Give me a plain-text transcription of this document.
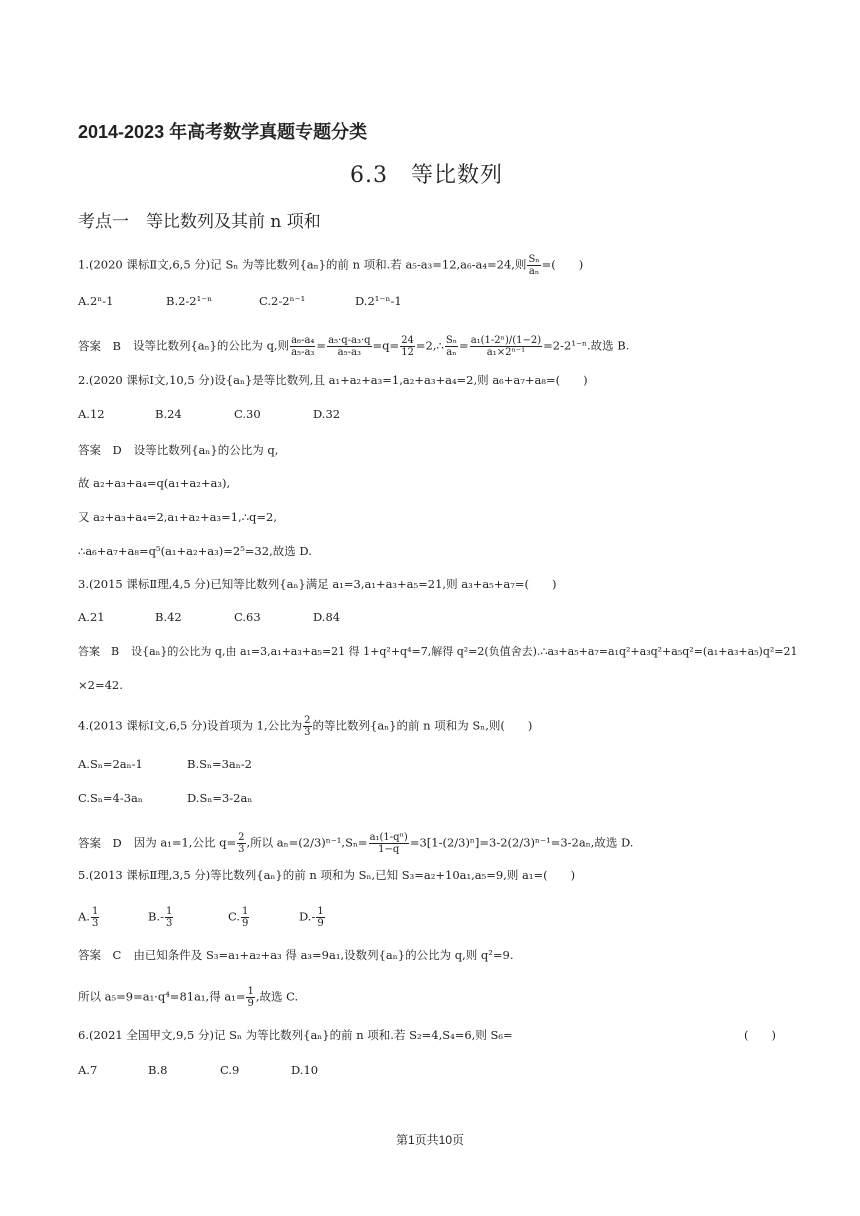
2014-2023 年高考数学真题专题分类
6.3　等比数列
考点一　等比数列及其前 n 项和
1.(2020 课标Ⅱ文,6,5 分)记 Sₙ 为等比数列{aₙ}的前 n 项和.若 a₅-a₃=12,a₆-a₄=24,则 $\frac{\text{Sₙ}}{\text{aₙ}}$ =(　　)
A.2ⁿ-1	B.2-2¹⁻ⁿ	C.2-2ⁿ⁻¹	D.2¹⁻ⁿ-1
答案　B 设等比数列{aₙ}的公比为 q,则 $\frac{\text{a₆-a₄}}{\text{a₅-a₃}} = \frac{\text{a₅·q-a₃·q}}{\text{a₅-a₃}} =q= \frac{24}{12}$ =2,∴ $\frac{\text{Sₙ}}{\text{aₙ}} = \frac{\text{a₁(1-2ⁿ)/(1−2)}}{\text{a₁×2ⁿ⁻¹}} =2-2^{1-n}$.故选 B.
2.(2020 课标Ⅰ文,10,5 分)设{aₙ}是等比数列,且 a₁+a₂+a₃=1,a₂+a₃+a₄=2,则 a₆+a₇+a₈=(　　)
A.12	B.24	C.30	D.32
答案　D 设等比数列{aₙ}的公比为 q,
故 a₂+a₃+a₄=q(a₁+a₂+a₃),
又 a₂+a₃+a₄=2,a₁+a₂+a₃=1,∴q=2,
∴a₆+a₇+a₈=q⁵(a₁+a₂+a₃)=2⁵=32,故选 D.
3.(2015 课标Ⅱ理,4,5 分)已知等比数列{aₙ}满足 a₁=3,a₁+a₃+a₅=21,则 a₃+a₅+a₇=(　　)
A.21	B.42	C.63	D.84
答案　B 设{aₙ}的公比为 q,由 a₁=3,a₁+a₃+a₅=21 得 1+q²+q⁴=7,解得 q²=2(负值舍去).∴a₃+a₅+a₇=a₁q²+a₃q²+a₅q²=(a₁+a₃+a₅)q²=21
×2=42.
4.(2013 课标Ⅰ文,6,5 分)设首项为 1,公比为 $\frac{2}{3}$ 的等比数列{aₙ}的前 n 项和为 Sₙ,则(　　)
A.Sₙ=2aₙ-1	B.Sₙ=3aₙ-2
C.Sₙ=4-3aₙ	D.Sₙ=3-2aₙ
答案　D 因为 a₁=1,公比 $q= \frac{2}{3}$ ,所以 $a_n=(2/3)^{n-1},S_n= \frac{\text{a₁(1-qⁿ)}}{1-q} =3[1-(2/3)^n]=3-2(2/3)^{n-1}=3-2a_n$,故选 D.
5.(2013 课标Ⅱ理,3,5 分)等比数列{aₙ}的前 n 项和为 Sₙ,已知 S₃=a₂+10a₁,a₅=9,则 a₁=(　　)
A. $\frac{1}{3}$	$B.- \frac{1}{3}$	C. $\frac{1}{9}$	$D.- \frac{1}{9}$
答案　C 由已知条件及 S₃=a₁+a₂+a₃ 得 a₃=9a₁,设数列{aₙ}的公比为 q,则 q²=9.
所以 a₅=9=a₁·q⁴=81a₁,得 $a_1= \frac{1}{9}$ ,故选 C.
6.(2021 全国甲文,9,5 分)记 Sₙ 为等比数列{aₙ}的前 n 项和.若 S₂=4,S₄=6,则 S₆=	(　　)
A.7	B.8	C.9	D.10
第1页共10页
